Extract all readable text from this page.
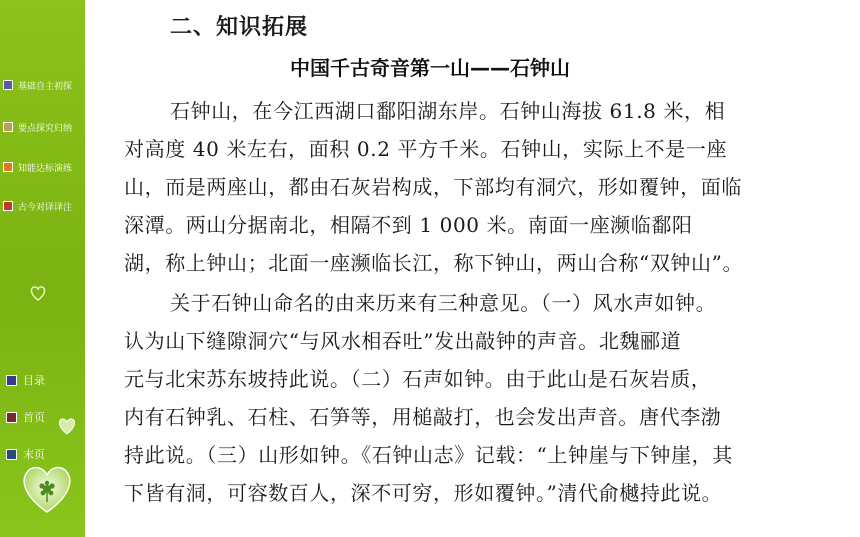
基础自主初探
要点探究归纳
知能达标演练
古今对译译注
目录
首页
末页
二、知识拓展
中国千古奇音第一山——石钟山
石钟山，在今江西湖口鄱阳湖东岸。石钟山海拔 61.8 米，相
对高度 40 米左右，面积 0.2 平方千米。石钟山，实际上不是一座
山，而是两座山，都由石灰岩构成，下部均有洞穴，形如覆钟，面临
深潭。两山分据南北，相隔不到 1 000 米。南面一座濒临鄱阳
湖，称上钟山；北面一座濒临长江，称下钟山，两山合称“双钟山”。
关于石钟山命名的由来历来有三种意见。（一）风水声如钟。
认为山下缝隙洞穴“与风水相吞吐”发出敲钟的声音。北魏郦道
元与北宋苏东坡持此说。（二）石声如钟。由于此山是石灰岩质，
内有石钟乳、石柱、石笋等，用槌敲打，也会发出声音。唐代李渤
持此说。（三）山形如钟。《石钟山志》记载：“上钟崖与下钟崖，其
下皆有洞，可容数百人，深不可穷，形如覆钟。”清代俞樾持此说。
